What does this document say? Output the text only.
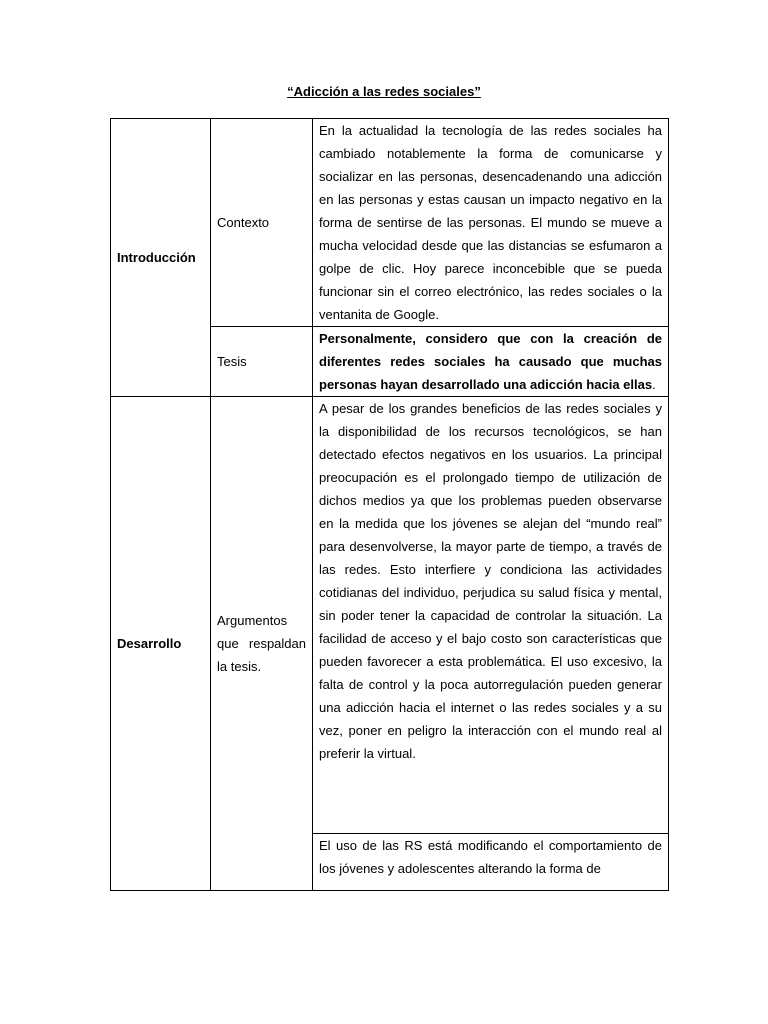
“Adicción a las redes sociales”
Introducción	Contexto	En la actualidad la tecnología de las redes sociales ha cambiado notablemente la forma de comunicarse y socializar en las personas, desencadenando una adicción en las personas y estas causan un impacto negativo en la forma de sentirse de las personas. El mundo se mueve a mucha velocidad desde que las distancias se esfumaron a golpe de clic. Hoy parece inconcebible que se pueda funcionar sin el correo electrónico, las redes sociales o la ventanita de Google.
	Tesis	Personalmente, considero que con la creación de diferentes redes sociales ha causado que muchas personas hayan desarrollado una adicción hacia ellas.
Desarrollo	Argumentos que respaldan la tesis.	A pesar de los grandes beneficios de las redes sociales y la disponibilidad de los recursos tecnológicos, se han detectado efectos negativos en los usuarios. La principal preocupación es el prolongado tiempo de utilización de dichos medios ya que los problemas pueden observarse en la medida que los jóvenes se alejan del “mundo real” para desenvolverse, la mayor parte de tiempo, a través de las redes. Esto interfiere y condiciona las actividades cotidianas del individuo, perjudica su salud física y mental, sin poder tener la capacidad de controlar la situación. La facilidad de acceso y el bajo costo son características que pueden favorecer a esta problemática. El uso excesivo, la falta de control y la poca autorregulación pueden generar una adicción hacia el internet o las redes sociales y a su vez, poner en peligro la interacción con el mundo real al preferir la virtual.
		El uso de las RS está modificando el comportamiento de los jóvenes y adolescentes alterando la forma de
